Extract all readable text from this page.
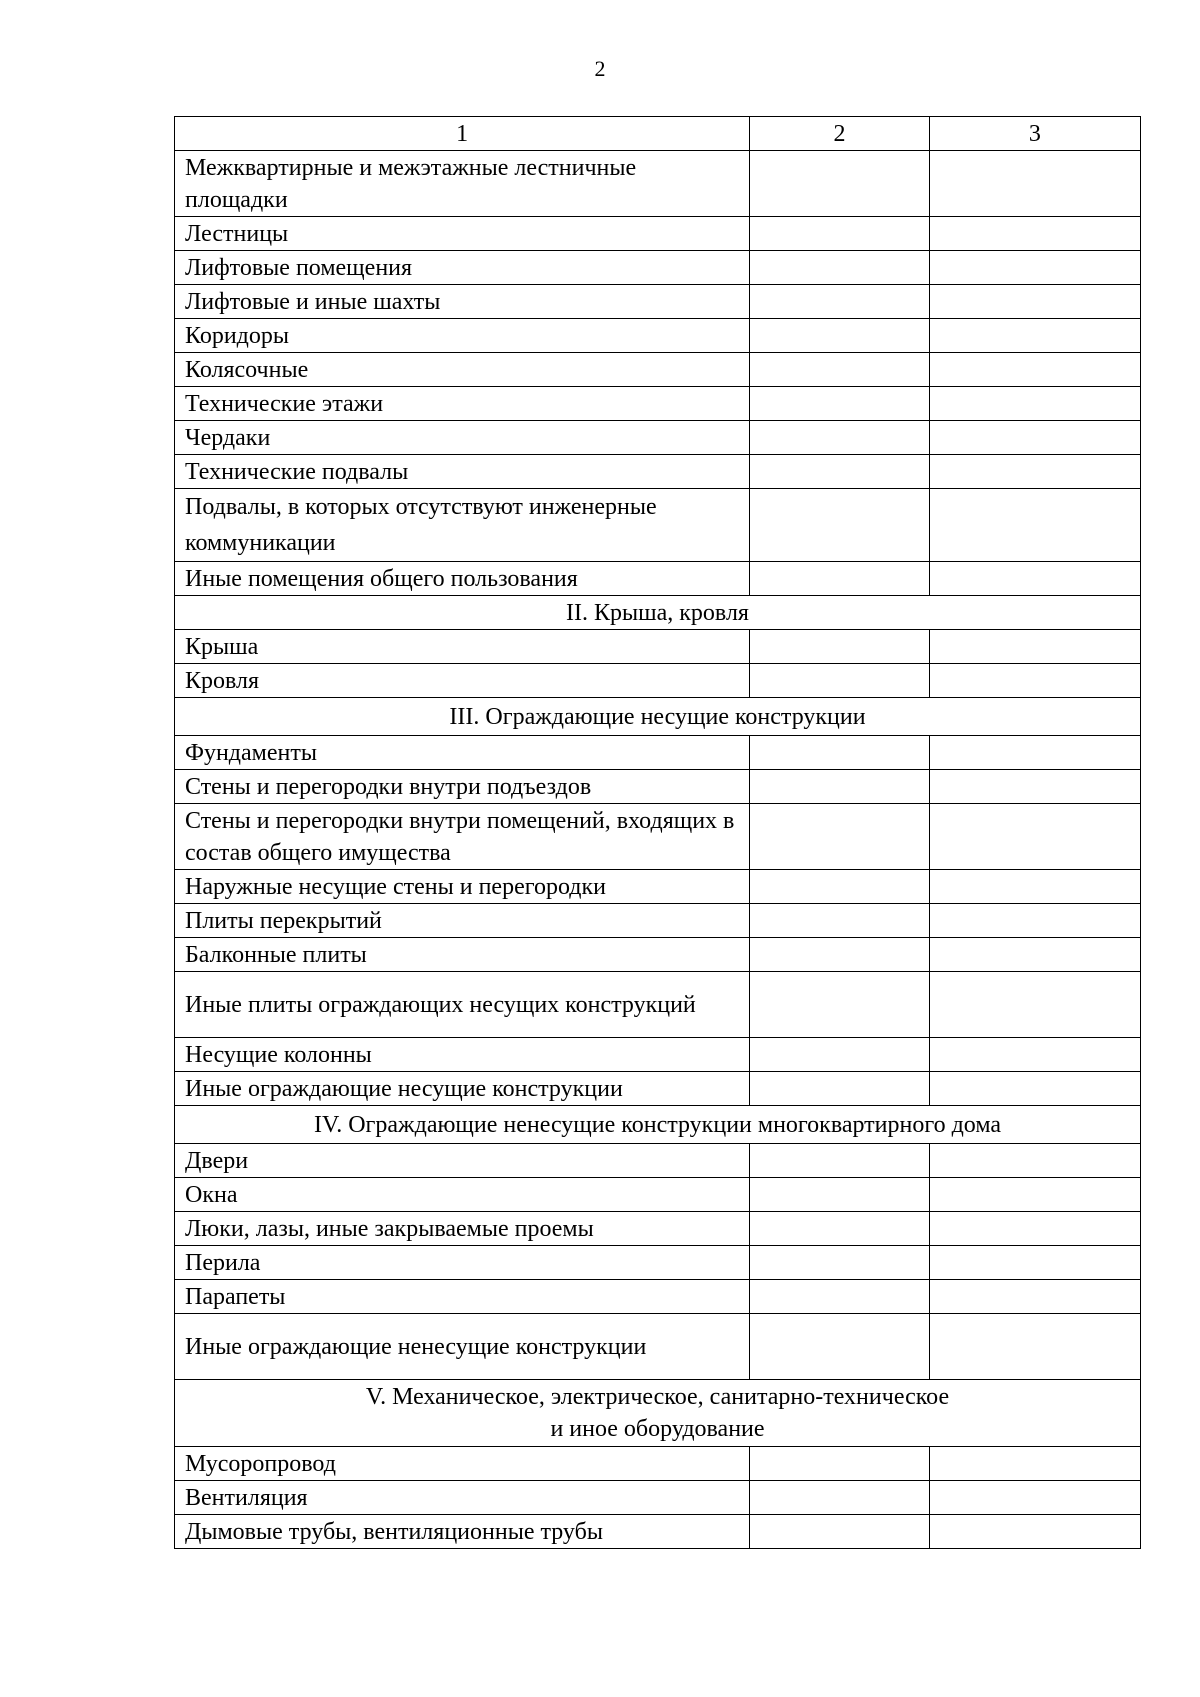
2
1	2	3
Межквартирные и межэтажные лестничные площадки		
Лестницы		
Лифтовые помещения		
Лифтовые и иные шахты		
Коридоры		
Колясочные		
Технические этажи		
Чердаки		
Технические подвалы		
Подвалы, в которых отсутствуют инженерные коммуникации		
Иные помещения общего пользования		
II. Крыша, кровля		
Крыша		
Кровля		
III. Ограждающие несущие конструкции		
Фундаменты		
Стены и перегородки внутри подъездов		
Стены и перегородки внутри помещений, входящих в состав общего имущества		
Наружные несущие стены и перегородки		
Плиты перекрытий		
Балконные плиты		
Иные плиты ограждающих несущих конструкций		
Несущие колонны		
Иные ограждающие несущие конструкции		
IV. Ограждающие ненесущие конструкции многоквартирного дома		
Двери		
Окна		
Люки, лазы, иные закрываемые проемы		
Перила		
Парапеты		
Иные ограждающие ненесущие конструкции		
V. Механическое, электрическое, санитарно-техническое
и иное оборудование		
Мусоропровод		
Вентиляция		
Дымовые трубы, вентиляционные трубы		
